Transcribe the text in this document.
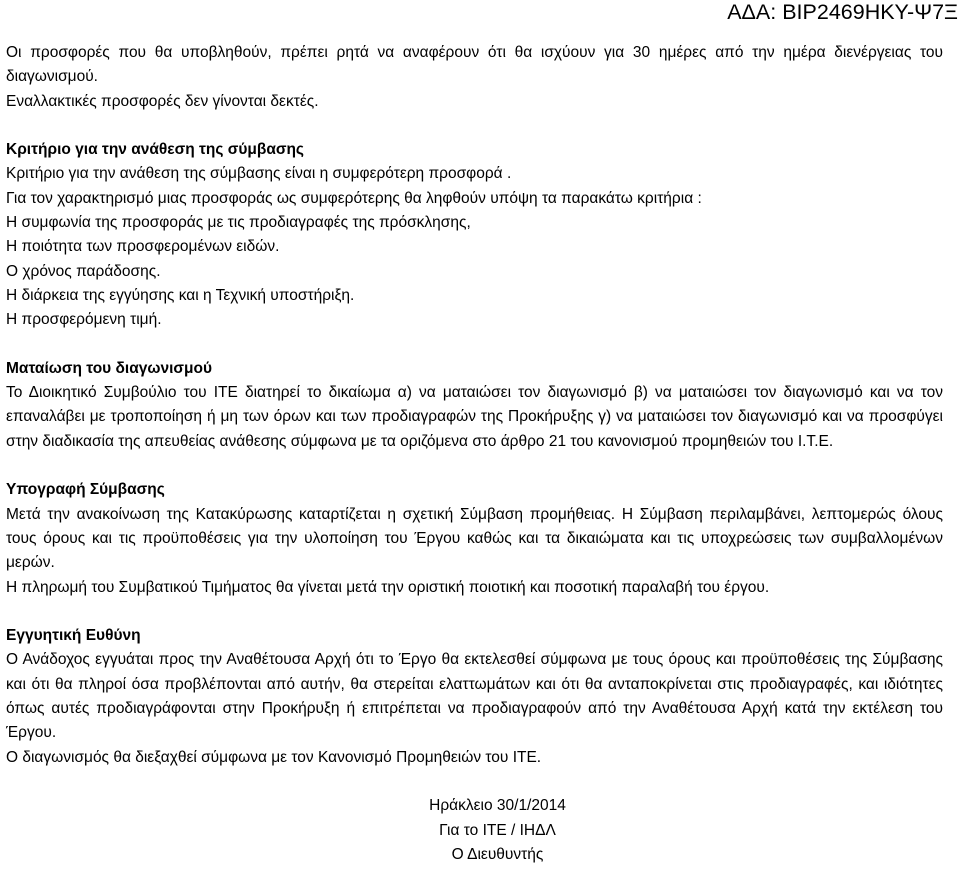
ΑΔΑ: ΒΙΡ2469ΗΚΥ-Ψ7Ξ

Οι προσφορές που θα υποβληθούν, πρέπει ρητά να αναφέρουν ότι θα ισχύουν για 30 ημέρες από την ημέρα διενέργειας του διαγωνισμού.

Εναλλακτικές προσφορές δεν γίνονται δεκτές.

Κριτήριο για την ανάθεση της σύμβασης

Κριτήριο για την ανάθεση της σύμβασης είναι η συμφερότερη προσφορά .

Για τον χαρακτηρισμό μιας προσφοράς ως συμφερότερης θα ληφθούν υπόψη τα παρακάτω κριτήρια :

Η συμφωνία της προσφοράς με τις προδιαγραφές της πρόσκλησης,

Η ποιότητα των προσφερομένων ειδών.

Ο χρόνος παράδοσης.

Η διάρκεια της εγγύησης και η Τεχνική υποστήριξη.

Η προσφερόμενη τιμή.

Ματαίωση του διαγωνισμού

Το Διοικητικό Συμβούλιο του ΙΤΕ διατηρεί το δικαίωμα α) να ματαιώσει τον διαγωνισμό β) να ματαιώσει τον διαγωνισμό και να τον επαναλάβει με τροποποίηση ή μη των όρων και των προδιαγραφών της Προκήρυξης γ) να ματαιώσει τον διαγωνισμό και να προσφύγει στην διαδικασία της απευθείας ανάθεσης σύμφωνα με τα οριζόμενα στο άρθρο 21 του κανονισμού προμηθειών του Ι.Τ.Ε.

Υπογραφή Σύμβασης

Μετά την ανακοίνωση της Κατακύρωσης καταρτίζεται η σχετική Σύμβαση προμήθειας. Η Σύμβαση περιλαμβάνει, λεπτομερώς όλους τους όρους και τις προϋποθέσεις για την υλοποίηση του Έργου καθώς και τα δικαιώματα και τις υποχρεώσεις των συμβαλλομένων μερών.

Η πληρωμή του Συμβατικού Τιμήματος θα γίνεται μετά την οριστική ποιοτική και ποσοτική παραλαβή του έργου.

Εγγυητική Ευθύνη

Ο Ανάδοχος εγγυάται προς την Αναθέτουσα Αρχή ότι το Έργο θα εκτελεσθεί σύμφωνα με τους όρους και προϋποθέσεις της Σύμβασης και ότι θα πληροί όσα προβλέπονται από αυτήν, θα στερείται ελαττωμάτων και ότι θα ανταποκρίνεται στις προδιαγραφές, και ιδιότητες όπως αυτές προδιαγράφονται στην Προκήρυξη ή επιτρέπεται να προδιαγραφούν από την Αναθέτουσα Αρχή κατά την εκτέλεση του Έργου.

Ο διαγωνισμός θα διεξαχθεί σύμφωνα με τον Κανονισμό Προμηθειών του ΙΤΕ.

Ηράκλειο 30/1/2014

Για το ΙΤΕ / ΙΗΔΛ

Ο Διευθυντής
